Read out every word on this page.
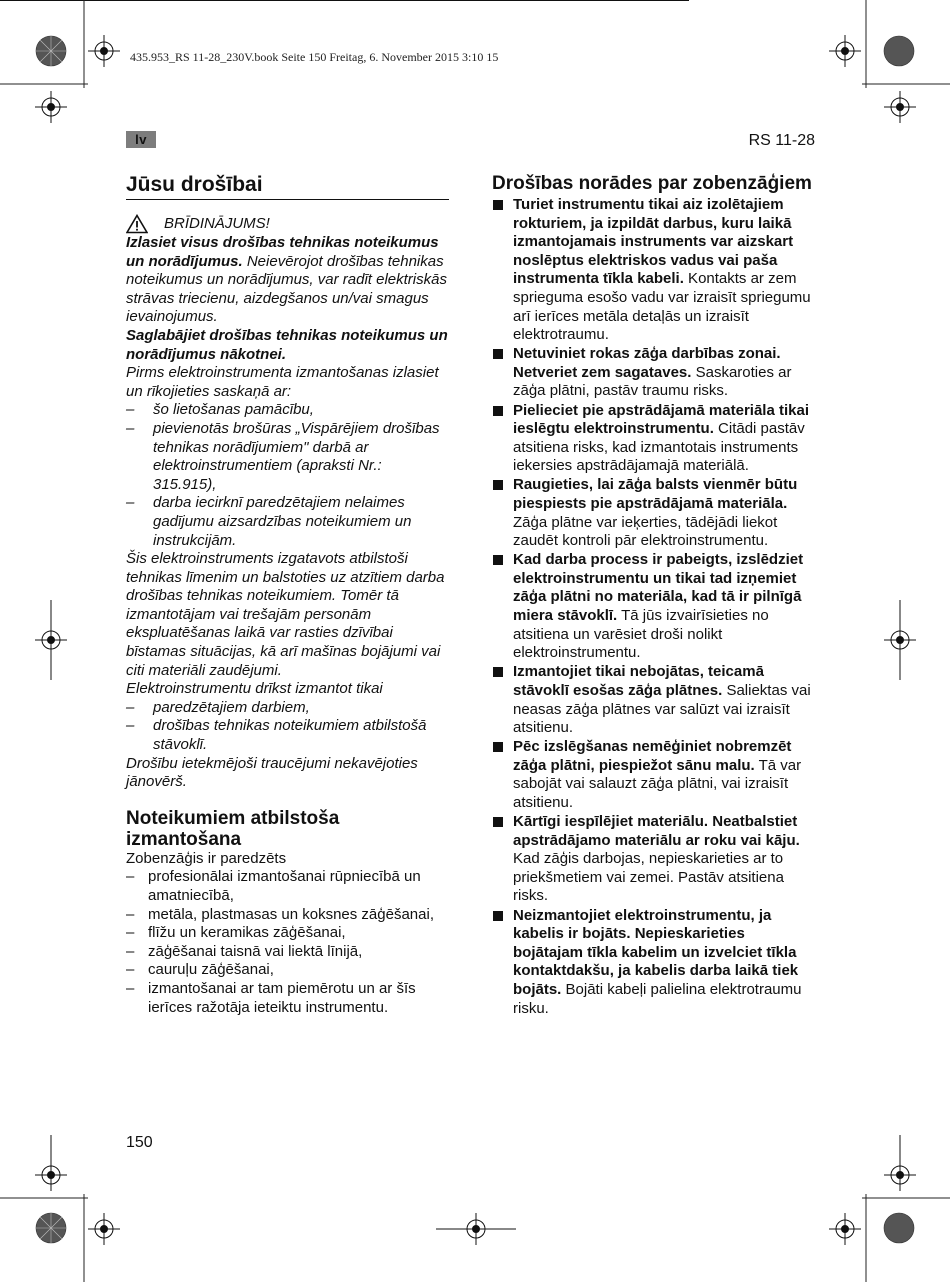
435.953_RS 11-28_230V.book Seite 150 Freitag, 6. November 2015 3:10 15
lv	RS 11-28
Jūsu drošībai
BRĪDINĀJUMS!

Izlasiet visus drošības tehnikas noteikumus un norādījumus. Neievērojot drošības tehnikas noteikumus un norādījumus, var radīt elektriskās strāvas triecienu, aizdegšanos un/vai smagus ievainojumus.

Saglabājiet drošības tehnikas noteikumus un norādījumus nākotnei.

Pirms elektroinstrumenta izmantošanas izlasiet un rīkojieties saskaņā ar:

– šo lietošanas pamācību,
– pievienotās brošūras „Vispārējiem drošības tehnikas norādījumiem" darbā ar elektroinstrumentiem (apraksti Nr.: 315.915),
– darba iecirknī paredzētajiem nelaimes gadījumu aizsardzības noteikumiem un instrukcijām.

Šis elektroinstruments izgatavots atbilstoši tehnikas līmenim un balstoties uz atzītiem darba drošības tehnikas noteikumiem. Tomēr tā izmantotājam vai trešajām personām ekspluatēšanas laikā var rasties dzīvībai bīstamas situācijas, kā arī mašīnas bojājumi vai citi materiāli zaudējumi.

Elektroinstrumentu drīkst izmantot tikai

– paredzētajiem darbiem,
– drošības tehnikas noteikumiem atbilstošā stāvoklī.

Drošību ietekmējoši traucējumi nekavējoties jānovērš.

Noteikumiem atbilstoša izmantošana

Zobenzāģis ir paredzēts

– profesionālai izmantošanai rūpniecībā un amatniecībā,
– metāla, plastmasas un koksnes zāģēšanai,
– flīžu un keramikas zāģēšanai,
– zāģēšanai taisnā vai liektā līnijā,
– cauruļu zāģēšanai,
– izmantošanai ar tam piemērotu un ar šīs ierīces ražotāja ieteiktu instrumentu.
Drošības norādes par zobenzāģiem
Turiet instrumentu tikai aiz izolētajiem rokturiem, ja izpildāt darbus, kuru laikā izmantojamais instruments var aizskart noslēptus elektriskos vadus vai paša instrumenta tīkla kabeli. Kontakts ar zem sprieguma esošo vadu var izraisīt spriegumu arī ierīces metāla detaļās un izraisīt elektrotraumu.
Netuviniet rokas zāģa darbības zonai. Netveriet zem sagataves. Saskaroties ar zāģa plātni, pastāv traumu risks.
Pielieciet pie apstrādājamā materiāla tikai ieslēgtu elektroinstrumentu. Citādi pastāv atsitiena risks, kad izmantotais instruments iekersies apstrādājamajā materiālā.
Raugieties, lai zāģa balsts vienmēr būtu piespiests pie apstrādājamā materiāla. Zāģa plātne var ieķerties, tādējādi liekot zaudēt kontroli pār elektroinstrumentu.
Kad darba process ir pabeigts, izslēdziet elektroinstrumentu un tikai tad izņemiet zāģa plātni no materiāla, kad tā ir pilnīgā miera stāvoklī. Tā jūs izvairīsieties no atsitiena un varēsiet droši nolikt elektroinstrumentu.
Izmantojiet tikai nebojātas, teicamā stāvoklī esošas zāģa plātnes. Saliektas vai neasas zāģa plātnes var salūzt vai izraisīt atsitienu.
Pēc izslēgšanas nemēģiniet nobremzēt zāģa plātni, piespiežot sānu malu. Tā var sabojāt vai salauzt zāģa plātni, vai izraisīt atsitienu.
Kārtīgi iespīlējiet materiālu. Neatbalstiet apstrādājamo materiālu ar roku vai kāju. Kad zāģis darbojas, nepieskarieties ar to priekšmetiem vai zemei. Pastāv atsitiena risks.
Neizmantojiet elektroinstrumentu, ja kabelis ir bojāts. Nepieskarieties bojātajam tīkla kabelim un izvelciet tīkla kontaktdakšu, ja kabelis darba laikā tiek bojāts. Bojāti kabeļi palielina elektrotraumu risku.
150
